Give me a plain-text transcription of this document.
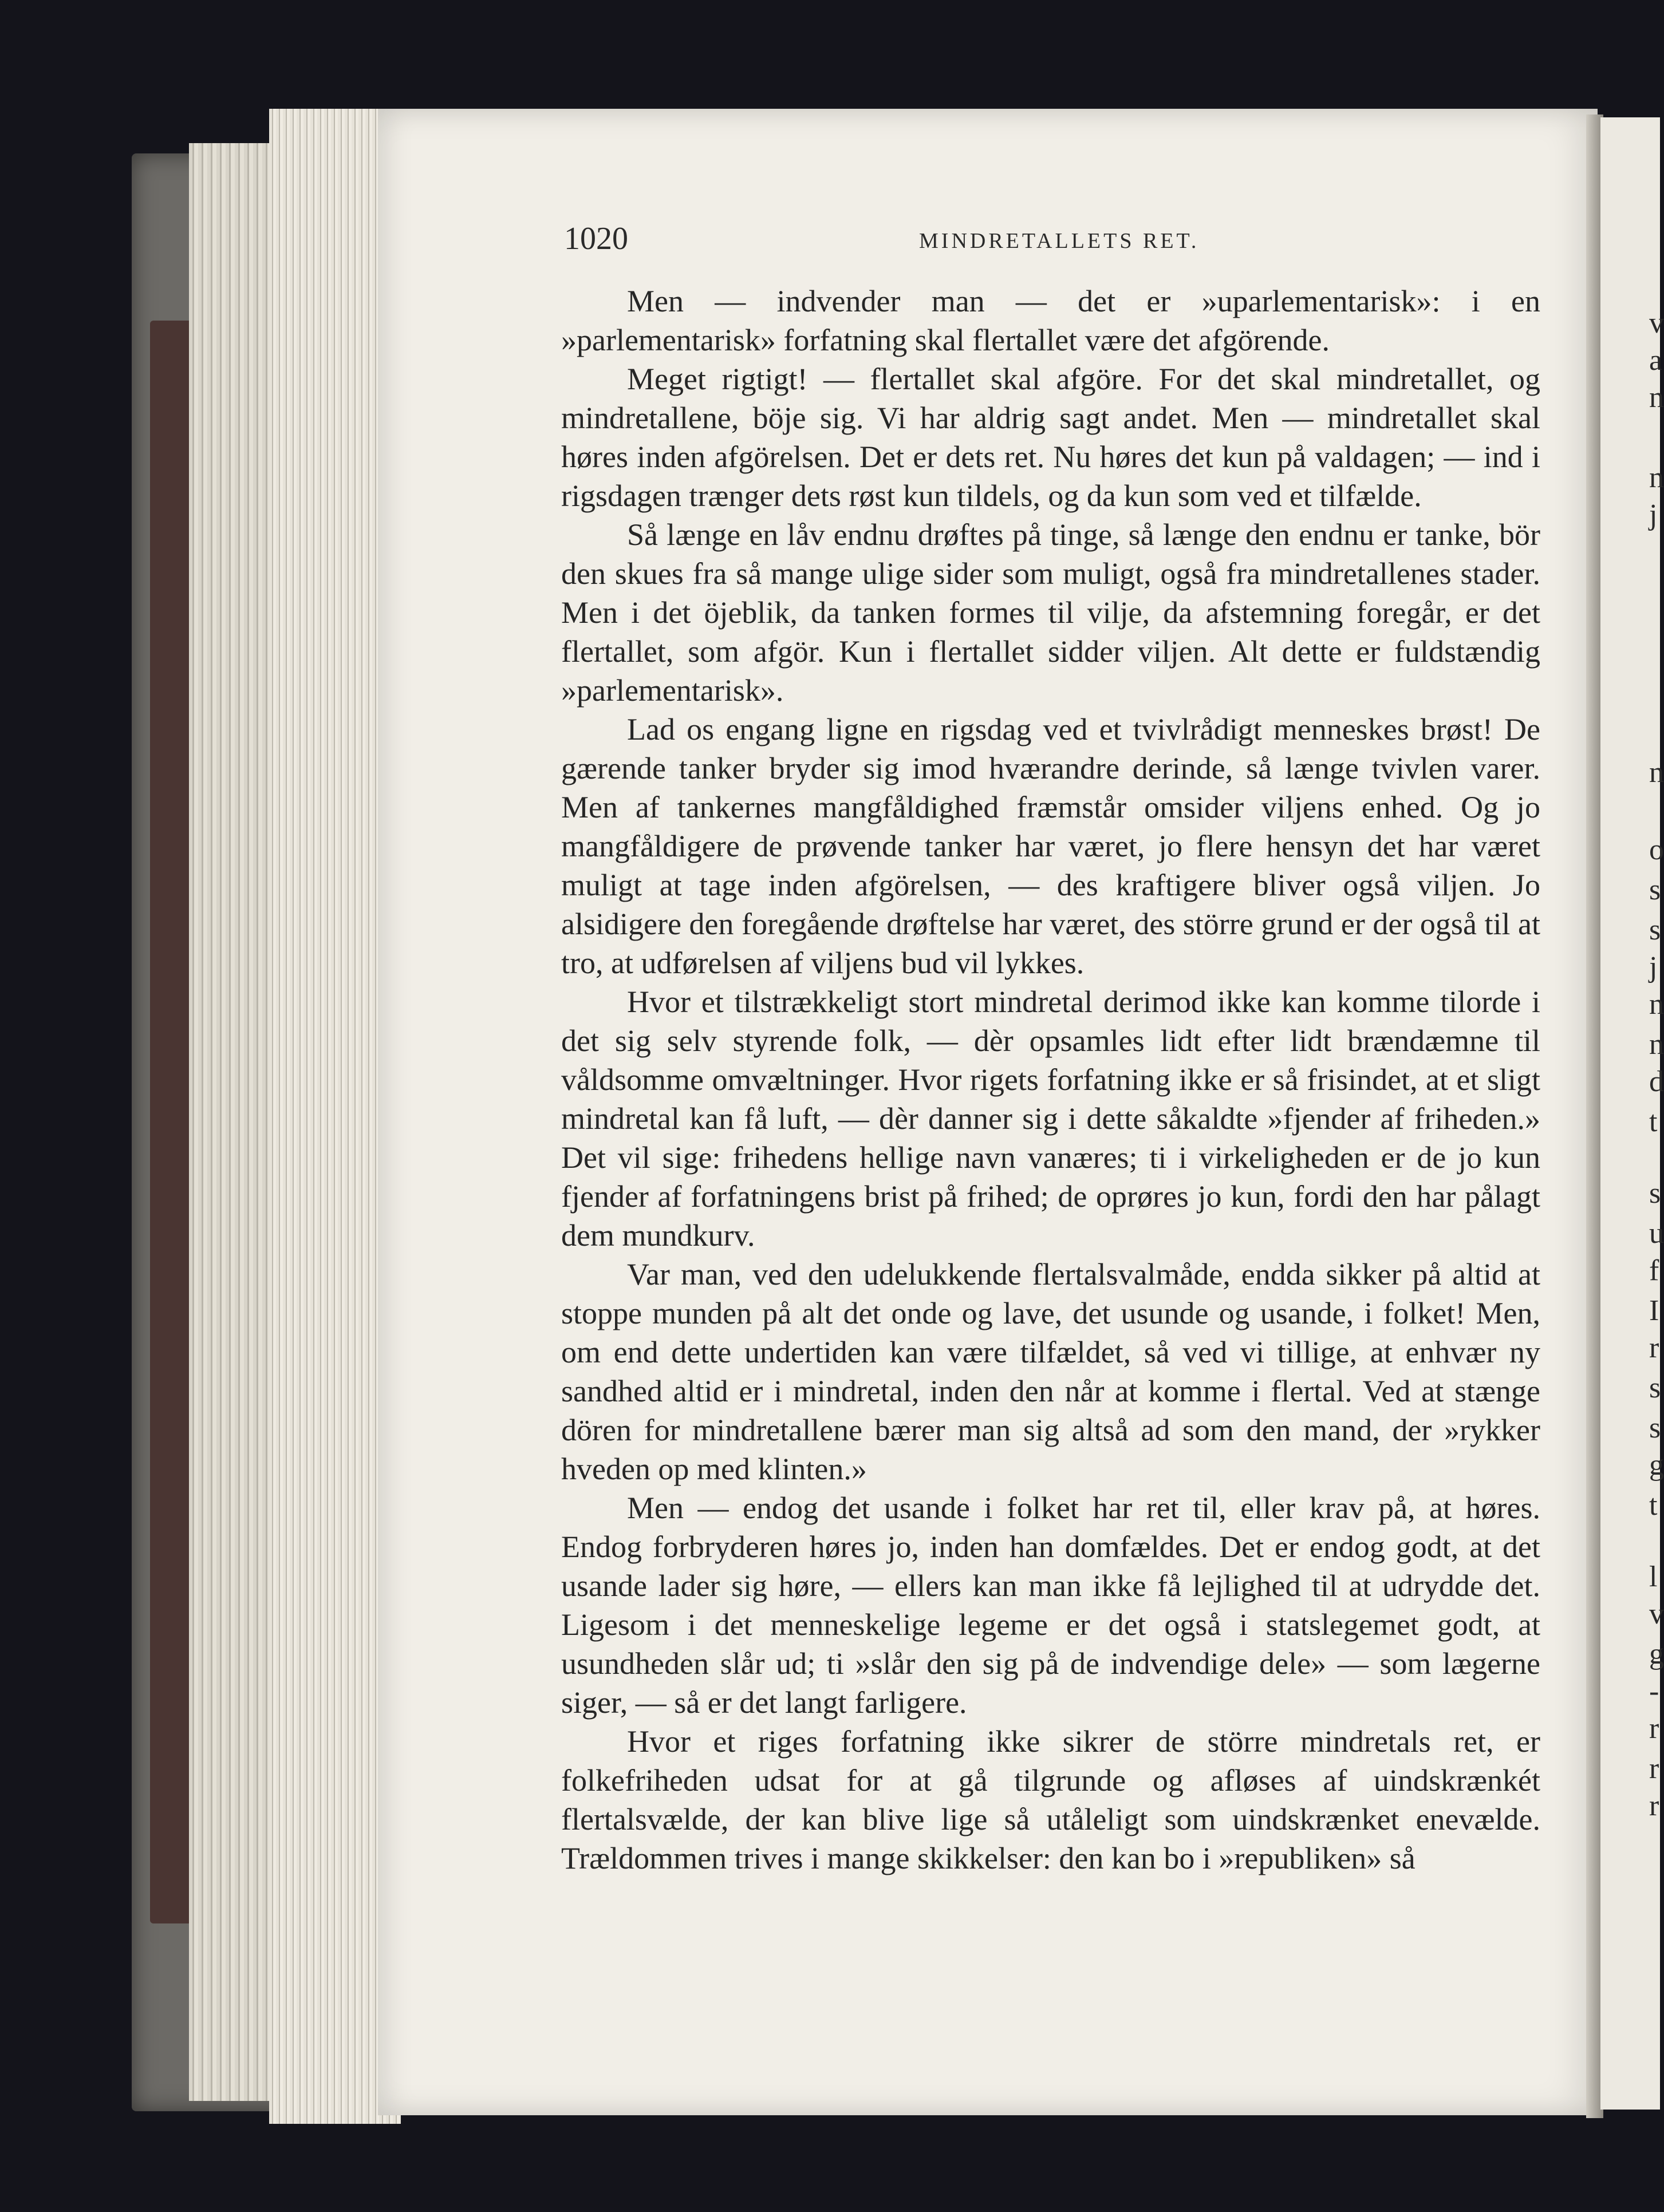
1020	MINDRETALLETS RET.

Men — indvender man — det er »uparlementarisk»: i en »parlementarisk» forfatning skal flertallet være det afgörende.

Meget rigtigt! — flertallet skal afgöre. For det skal mindretallet, og mindretallene, böje sig. Vi har aldrig sagt andet. Men — mindretallet skal høres inden afgörelsen. Det er dets ret. Nu høres det kun på valdagen; — ind i rigsdagen trænger dets røst kun tildels, og da kun som ved et tilfælde.

Så længe en låv endnu drøftes på tinge, så længe den endnu er tanke, bör den skues fra så mange ulige sider som muligt, også fra mindretallenes stader. Men i det öjeblik, da tanken formes til vilje, da afstemning foregår, er det flertallet, som afgör. Kun i flertallet sidder viljen. Alt dette er fuldstændig »parlementarisk».

Lad os engang ligne en rigsdag ved et tvivlrådigt menneskes brøst! De gærende tanker bryder sig imod hværandre derinde, så længe tvivlen varer. Men af tankernes mangfåldighed fræmstår omsider viljens enhed. Og jo mangfåldigere de prøvende tanker har været, jo flere hensyn det har været muligt at tage inden afgörelsen, — des kraftigere bliver også viljen. Jo alsidigere den foregående drøftelse har været, des större grund er der også til at tro, at udførelsen af viljens bud vil lykkes.

Hvor et tilstrækkeligt stort mindretal derimod ikke kan komme tilorde i det sig selv styrende folk, — dèr opsamles lidt efter lidt brændæmne til våldsomme omvæltninger. Hvor rigets forfatning ikke er så frisindet, at et sligt mindretal kan få luft, — dèr danner sig i dette såkaldte »fjender af friheden.» Det vil sige: frihedens hellige navn vanæres; ti i virkeligheden er de jo kun fjender af forfatningens brist på frihed; de oprøres jo kun, fordi den har pålagt dem mundkurv.

Var man, ved den udelukkende flertalsvalmåde, endda sikker på altid at stoppe munden på alt det onde og lave, det usunde og usande, i folket! Men, om end dette undertiden kan være tilfældet, så ved vi tillige, at enhvær ny sandhed altid er i mindretal, inden den når at komme i flertal. Ved at stænge dören for mindretallene bærer man sig altså ad som den mand, der »rykker hveden op med klinten.»

Men — endog det usande i folket har ret til, eller krav på, at høres. Endog forbryderen høres jo, inden han domfældes. Det er endog godt, at det usande lader sig høre, — ellers kan man ikke få lejlighed til at udrydde det. Ligesom i det menneskelige legeme er det også i statslegemet godt, at usundheden slår ud; ti »slår den sig på de indvendige dele» — som lægerne siger, — så er det langt farligere.

Hvor et riges forfatning ikke sikrer de större mindretals ret, er folkefriheden udsat for at gå tilgrunde og afløses af uindskrænkét flertalsvælde, der kan blive lige så utåleligt som uindskrænket enevælde. Trældommen trives i mange skikkelser: den kan bo i »republiken» så

v
a
n
n
j
n
o
s
s
j
n
n
d
t
s
u
f
I
r
s
s
g
t
l
v
g
-
r
r
r
